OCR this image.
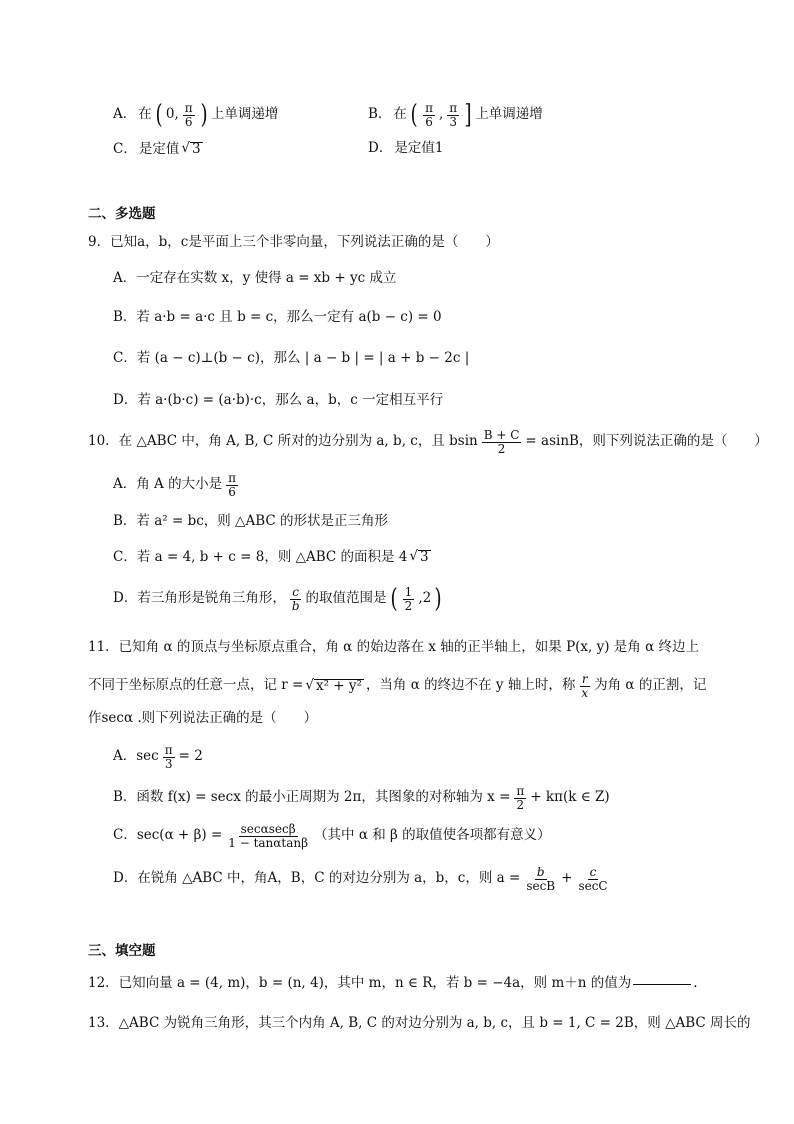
A． 在 ( 0, $\frac{\pi}{6}$ ) 上单调递增	B． 在 ( $\frac{\pi}{6}$ , $\frac{\pi}{3}$ ] 上单调递增
C． 是定值 √ 3	D． 是定值1
二、多选题
9．已知a，b，c是平面上三个非零向量，下列说法正确的是（　　）
A．一定存在实数 x，y 使得 a = xb + yc 成立
B．若 a·b = a·c 且 b = c，那么一定有 a(b − c) = 0
C．若 (a − c)⊥(b − c)，那么 | a − b | = | a + b − 2c |
D．若 a·(b·c) = (a·b)·c，那么 a，b，c 一定相互平行
10．在 △ABC 中，角 A, B, C 所对的边分别为 a, b, c，且 bsin $\frac{B + C}{2} = asinB$，则下列说法正确的是（　　）
A．角 A 的大小是 $\frac{\pi}{6}$
B．若 a² = bc，则 △ABC 的形状是正三角形
C．若 a = 4, b + c = 8，则 △ABC 的面积是 4 √ 3
D．若三角形是锐角三角形， $\frac{c}{b}$ 的取值范围是 ( $\frac{1}{2} ,2$ )
11．已知角 α 的顶点与坐标原点重合，角 α 的始边落在 x 轴的正半轴上，如果 P(x, y) 是角 α 终边上
不同于坐标原点的任意一点，记 r = √ x² + y² ，当角 α 的终边不在 y 轴上时，称 $\frac{r}{x}$ 为角 α 的正割，记
作secα .则下列说法正确的是（　　）
A．$\sec \frac{\pi}{3} = 2$
B．函数 f(x) = secx 的最小正周期为 2π，其图象的对称轴为 $x = \frac{\pi}{2} + k\pi(k$ ∈ Z)
C．$\sec(\alpha + \beta) = \frac{\sec\alpha\sec\beta}{1 - \tan\alpha\tan\beta}$ （其中 α 和 β 的取值使各项都有意义）
D．在锐角 △ABC 中，角A，B，C 的对边分别为 a，b，c，则 $a = \frac{b}{\sec B} + \frac{c}{\sec C}$
三、填空题
12．已知向量 a = (4, m)，b = (n, 4)，其中 m，n ∈ R，若 b = −4a，则 m＋n 的值为	.
13．△ABC 为锐角三角形，其三个内角 A, B, C 的对边分别为 a, b, c，且 b = 1, C = 2B，则 △ABC 周长的
